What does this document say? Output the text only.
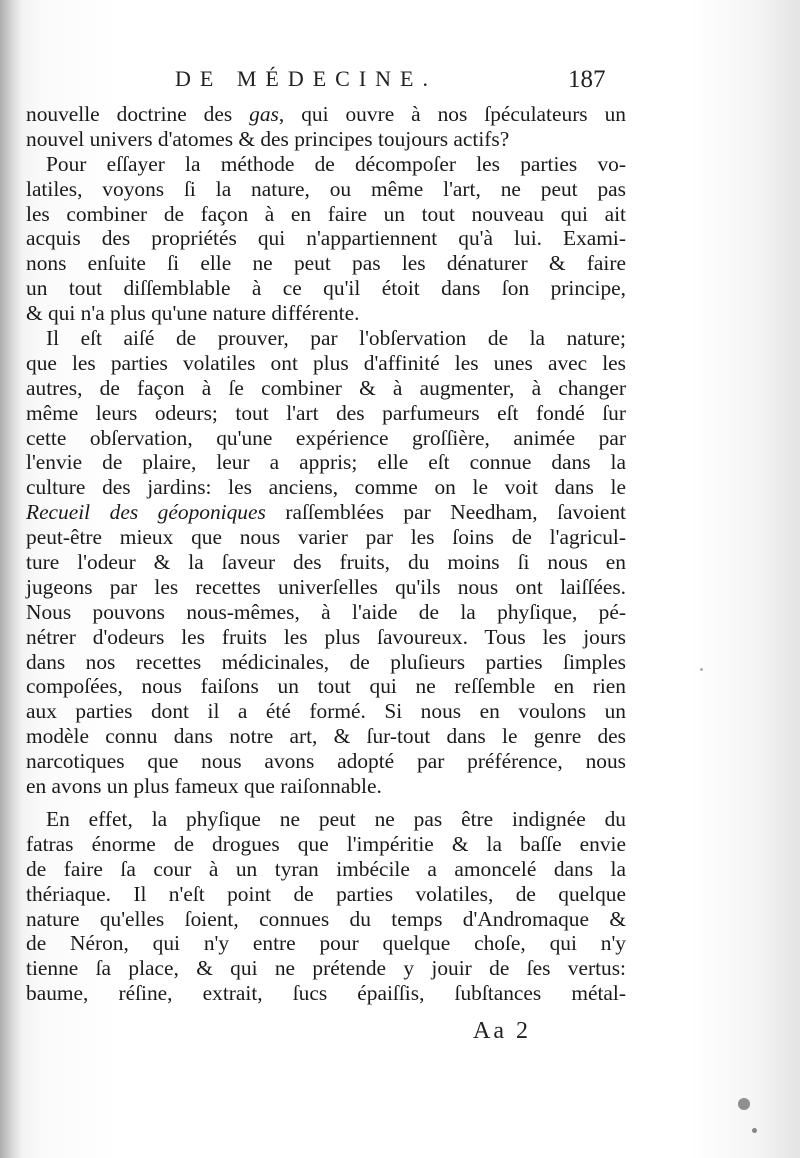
DE MÉDECINE.	187
nouvelle doctrine des gas, qui ouvre à nos ſpéculateurs un
nouvel univers d'atomes & des principes toujours actifs?
Pour eſſayer la méthode de décompoſer les parties vo-
latiles, voyons ſi la nature, ou même l'art, ne peut pas
les combiner de façon à en faire un tout nouveau qui ait
acquis des propriétés qui n'appartiennent qu'à lui. Exami-
nons enſuite ſi elle ne peut pas les dénaturer & faire
un tout diſſemblable à ce qu'il étoit dans ſon principe,
& qui n'a plus qu'une nature différente.
Il eſt aiſé de prouver, par l'obſervation de la nature;
que les parties volatiles ont plus d'affinité les unes avec les
autres, de façon à ſe combiner & à augmenter, à changer
même leurs odeurs; tout l'art des parfumeurs eſt fondé ſur
cette obſervation, qu'une expérience groſſière, animée par
l'envie de plaire, leur a appris; elle eſt connue dans la
culture des jardins: les anciens, comme on le voit dans le
Recueil des géoponiques raſſemblées par Needham, ſavoient
peut-être mieux que nous varier par les ſoins de l'agricul-
ture l'odeur & la ſaveur des fruits, du moins ſi nous en
jugeons par les recettes univerſelles qu'ils nous ont laiſſées.
Nous pouvons nous-mêmes, à l'aide de la phyſique, pé-
nétrer d'odeurs les fruits les plus ſavoureux. Tous les jours
dans nos recettes médicinales, de pluſieurs parties ſimples
compoſées, nous faiſons un tout qui ne reſſemble en rien
aux parties dont il a été formé. Si nous en voulons un
modèle connu dans notre art, & ſur-tout dans le genre des
narcotiques que nous avons adopté par préférence, nous
en avons un plus fameux que raiſonnable.
En effet, la phyſique ne peut ne pas être indignée du
fatras énorme de drogues que l'impéritie & la baſſe envie
de faire ſa cour à un tyran imbécile a amoncelé dans la
thériaque. Il n'eſt point de parties volatiles, de quelque
nature qu'elles ſoient, connues du temps d'Andromaque &
de Néron, qui n'y entre pour quelque choſe, qui n'y
tienne ſa place, & qui ne prétende y jouir de ſes vertus:
baume, réſine, extrait, ſucs épaiſſis, ſubſtances métal-
Aa 2
